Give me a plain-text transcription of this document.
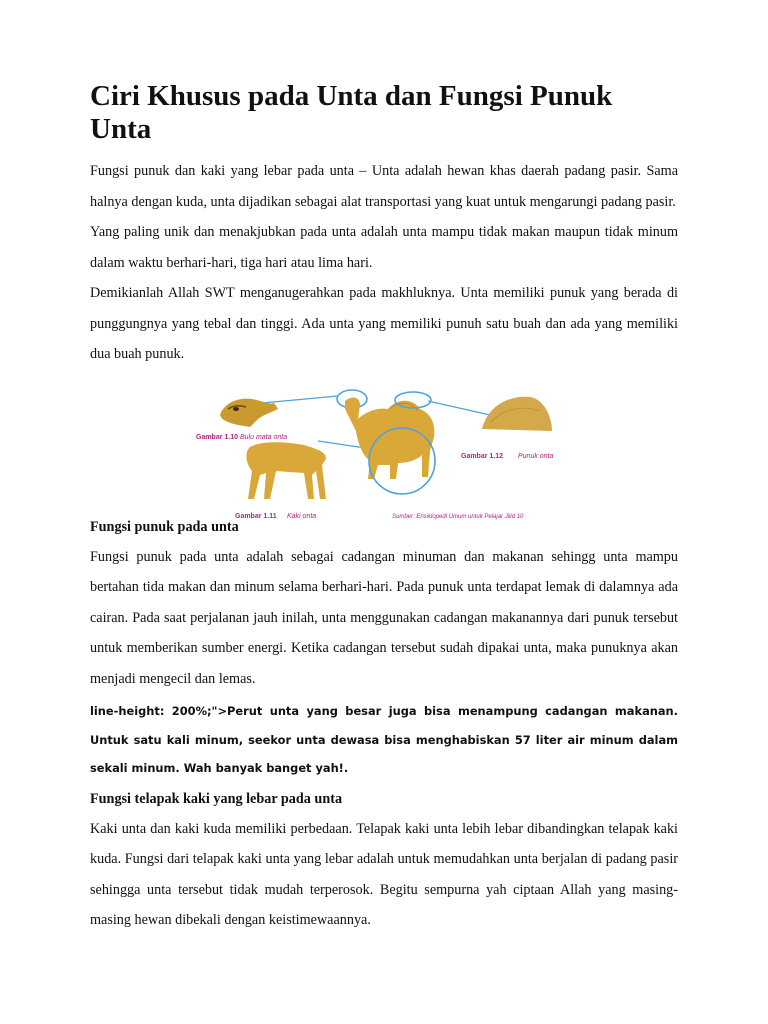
Ciri Khusus pada Unta dan Fungsi Punuk Unta

Fungsi punuk dan kaki yang lebar pada unta – Unta adalah hewan khas daerah padang pasir. Sama halnya dengan kuda, unta dijadikan sebagai alat transportasi yang kuat untuk mengarungi padang pasir.

Yang paling unik dan menakjubkan pada unta adalah unta mampu tidak makan maupun tidak minum dalam waktu berhari-hari, tiga hari atau lima hari.

Demikianlah Allah SWT menganugerahkan pada makhluknya. Unta memiliki punuk yang berada di punggungnya yang tebal dan tinggi. Ada unta yang memiliki punuh satu buah dan ada yang memiliki dua buah punuk.

Gambar 1.10 Bulu mata onta
Gambar 1.12 Punuk onta
Gambar 1.11 Kaki onta	Sumber: Ensiklopedi Umum untuk Pelajar Jilid 10
Fungsi punuk pada unta

Fungsi punuk pada unta adalah sebagai cadangan minuman dan makanan sehingg unta mampu bertahan tida makan dan minum selama berhari-hari. Pada punuk unta terdapat lemak di dalamnya ada cairan. Pada saat perjalanan jauh inilah, unta menggunakan cadangan makanannya dari punuk tersebut untuk memberikan sumber energi. Ketika cadangan tersebut sudah dipakai unta, maka punuknya akan menjadi mengecil dan lemas.

line-height: 200%;">Perut unta yang besar juga bisa menampung cadangan makanan. Untuk satu kali minum, seekor unta dewasa bisa menghabiskan 57 liter air minum dalam sekali minum. Wah banyak banget yah!.

Fungsi telapak kaki yang lebar pada unta

Kaki unta dan kaki kuda memiliki perbedaan. Telapak kaki unta lebih lebar dibandingkan telapak kaki kuda. Fungsi dari telapak kaki unta yang lebar adalah untuk memudahkan unta berjalan di padang pasir sehingga unta tersebut tidak mudah terperosok. Begitu sempurna yah ciptaan Allah yang masing-masing hewan dibekali dengan keistimewaannya.
